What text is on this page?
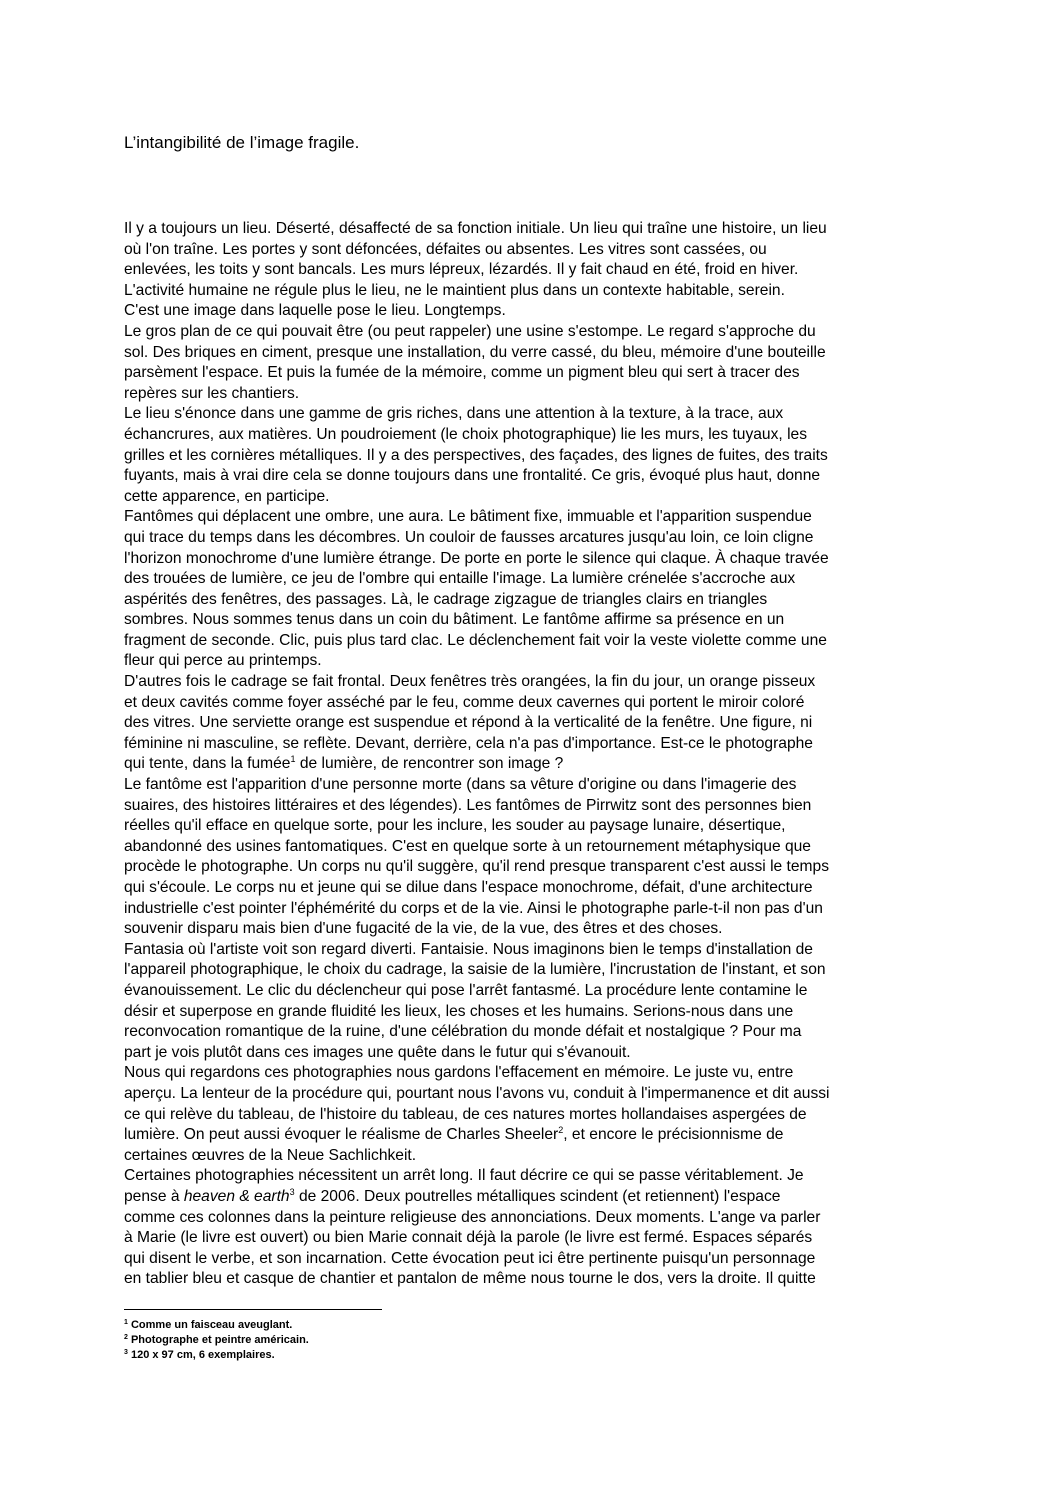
L’intangibilité de l’image fragile.
Il y a toujours un lieu. Déserté, désaffecté de sa fonction initiale. Un lieu qui traîne une histoire, un lieu
où l'on traîne. Les portes y sont défoncées, défaites ou absentes. Les vitres sont cassées, ou
enlevées, les toits y sont bancals. Les murs lépreux, lézardés. Il y fait chaud en été, froid en hiver.
L'activité humaine ne régule plus le lieu, ne le maintient plus dans un contexte habitable, serein.
C'est une image dans laquelle pose le lieu. Longtemps.
Le gros plan de ce qui pouvait être (ou peut rappeler) une usine s'estompe. Le regard s'approche du
sol. Des briques en ciment, presque une installation, du verre cassé, du bleu, mémoire d'une bouteille
parsèment l'espace. Et puis la fumée de la mémoire, comme un pigment bleu qui sert à tracer des
repères sur les chantiers.
Le lieu s'énonce dans une gamme de gris riches, dans une attention à la texture, à la trace, aux
échancrures, aux matières. Un poudroiement (le choix photographique) lie les murs, les tuyaux, les
grilles et les cornières métalliques. Il y a des perspectives, des façades, des lignes de fuites, des traits
fuyants, mais à vrai dire cela se donne toujours dans une frontalité. Ce gris, évoqué plus haut, donne
cette apparence, en participe.
Fantômes qui déplacent une ombre, une aura. Le bâtiment fixe, immuable et l'apparition suspendue
qui trace du temps dans les décombres. Un couloir de fausses arcatures jusqu'au loin, ce loin cligne
l'horizon monochrome d'une lumière étrange. De porte en porte le silence qui claque. À chaque travée
des trouées de lumière, ce jeu de l'ombre qui entaille l'image. La lumière crénelée s'accroche aux
aspérités des fenêtres, des passages. Là, le cadrage zigzague de triangles clairs en triangles
sombres. Nous sommes tenus dans un coin du bâtiment. Le fantôme affirme sa présence en un
fragment de seconde. Clic, puis plus tard clac. Le déclenchement fait voir la veste violette comme une
fleur qui perce au printemps.
D'autres fois le cadrage se fait frontal. Deux fenêtres très orangées, la fin du jour, un orange pisseux
et deux cavités comme foyer asséché par le feu, comme deux cavernes qui portent le miroir coloré
des vitres. Une serviette orange est suspendue et répond à la verticalité de la fenêtre. Une figure, ni
féminine ni masculine, se reflète. Devant, derrière, cela n'a pas d'importance. Est-ce le photographe
qui tente, dans la fumée$^1$ de lumière, de rencontrer son image ?
Le fantôme est l'apparition d'une personne morte (dans sa vêture d'origine ou dans l'imagerie des
suaires, des histoires littéraires et des légendes). Les fantômes de Pirrwitz sont des personnes bien
réelles qu'il efface en quelque sorte, pour les inclure, les souder au paysage lunaire, désertique,
abandonné des usines fantomatiques. C'est en quelque sorte à un retournement métaphysique que
procède le photographe. Un corps nu qu'il suggère, qu'il rend presque transparent c'est aussi le temps
qui s'écoule. Le corps nu et jeune qui se dilue dans l'espace monochrome, défait, d'une architecture
industrielle c'est pointer l'éphémérité du corps et de la vie. Ainsi le photographe parle-t-il non pas d'un
souvenir disparu mais bien d'une fugacité de la vie, de la vue, des êtres et des choses.
Fantasia où l'artiste voit son regard diverti. Fantaisie. Nous imaginons bien le temps d'installation de
l'appareil photographique, le choix du cadrage, la saisie de la lumière, l'incrustation de l'instant, et son
évanouissement. Le clic du déclencheur qui pose l'arrêt fantasmé. La procédure lente contamine le
désir et superpose en grande fluidité les lieux, les choses et les humains. Serions-nous dans une
reconvocation romantique de la ruine, d'une célébration du monde défait et nostalgique ? Pour ma
part je vois plutôt dans ces images une quête dans le futur qui s'évanouit.
Nous qui regardons ces photographies nous gardons l'effacement en mémoire. Le juste vu, entre
aperçu. La lenteur de la procédure qui, pourtant nous l'avons vu, conduit à l'impermanence et dit aussi
ce qui relève du tableau, de l'histoire du tableau, de ces natures mortes hollandaises aspergées de
lumière. On peut aussi évoquer le réalisme de Charles Sheeler$^2$, et encore le précisionnisme de
certaines œuvres de la Neue Sachlichkeit.
Certaines photographies nécessitent un arrêt long. Il faut décrire ce qui se passe véritablement. Je
pense à heaven & earth$^3$ de 2006. Deux poutrelles métalliques scindent (et retiennent) l'espace
comme ces colonnes dans la peinture religieuse des annonciations. Deux moments. L'ange va parler
à Marie (le livre est ouvert) ou bien Marie connait déjà la parole (le livre est fermé. Espaces séparés
qui disent le verbe, et son incarnation. Cette évocation peut ici être pertinente puisqu'un personnage
en tablier bleu et casque de chantier et pantalon de même nous tourne le dos, vers la droite. Il quitte
$^1$ Comme un faisceau aveuglant.
$^2$ Photographe et peintre américain.
$^3$ 120 x 97 cm, 6 exemplaires.
